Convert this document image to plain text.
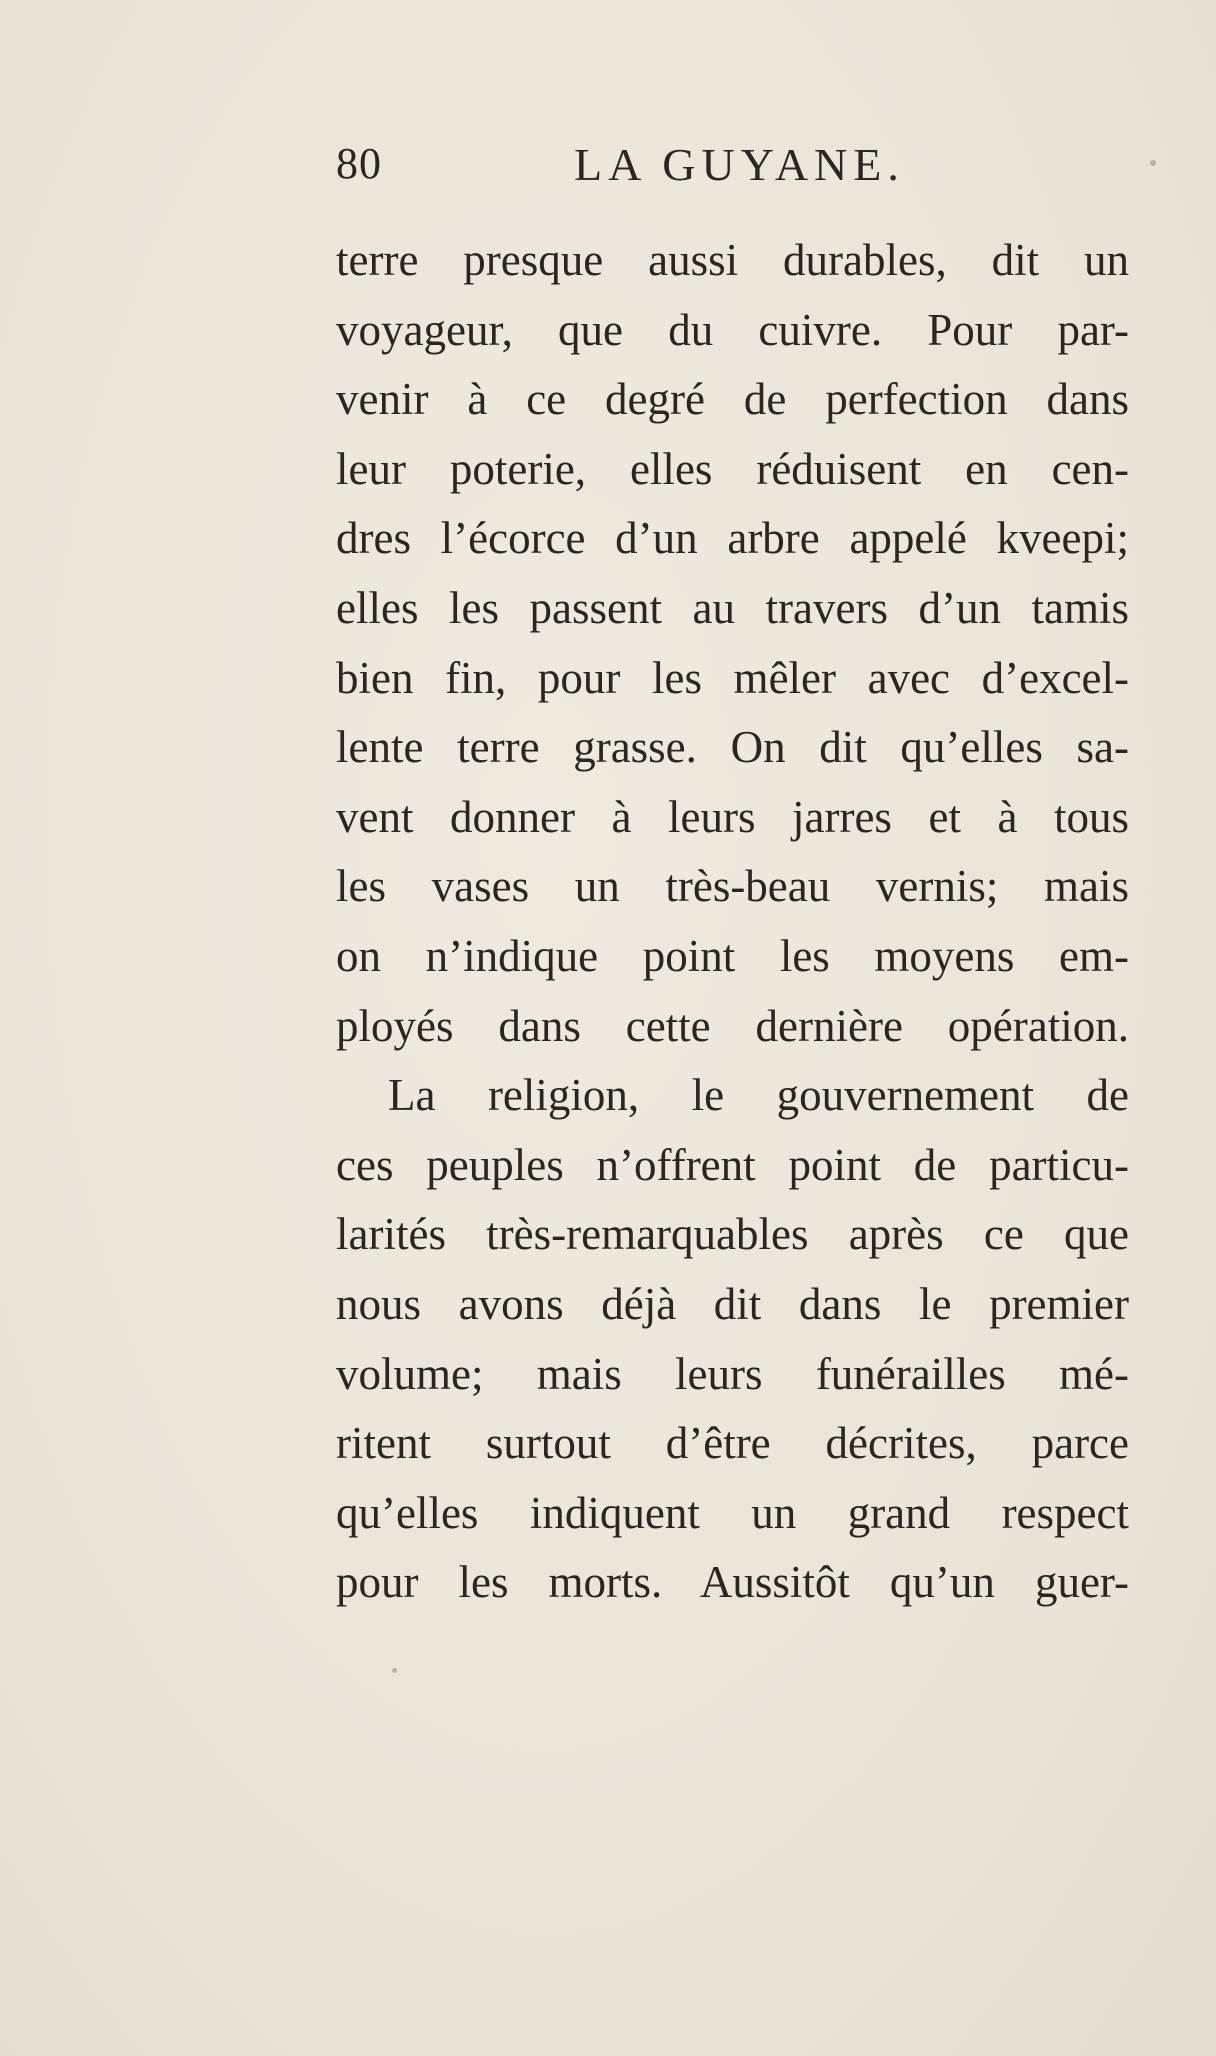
80	LA GUYANE.
terre presque aussi durables, dit un
voyageur, que du cuivre. Pour par-
venir à ce degré de perfection dans
leur poterie, elles réduisent en cen-
dres l’écorce d’un arbre appelé kveepi;
elles les passent au travers d’un tamis
bien fin, pour les mêler avec d’excel-
lente terre grasse. On dit qu’elles sa-
vent donner à leurs jarres et à tous
les vases un très-beau vernis; mais
on n’indique point les moyens em-
ployés dans cette dernière opération.
La religion, le gouvernement de
ces peuples n’offrent point de particu-
larités très-remarquables après ce que
nous avons déjà dit dans le premier
volume; mais leurs funérailles mé-
ritent surtout d’être décrites, parce
qu’elles indiquent un grand respect
pour les morts. Aussitôt qu’un guer-
